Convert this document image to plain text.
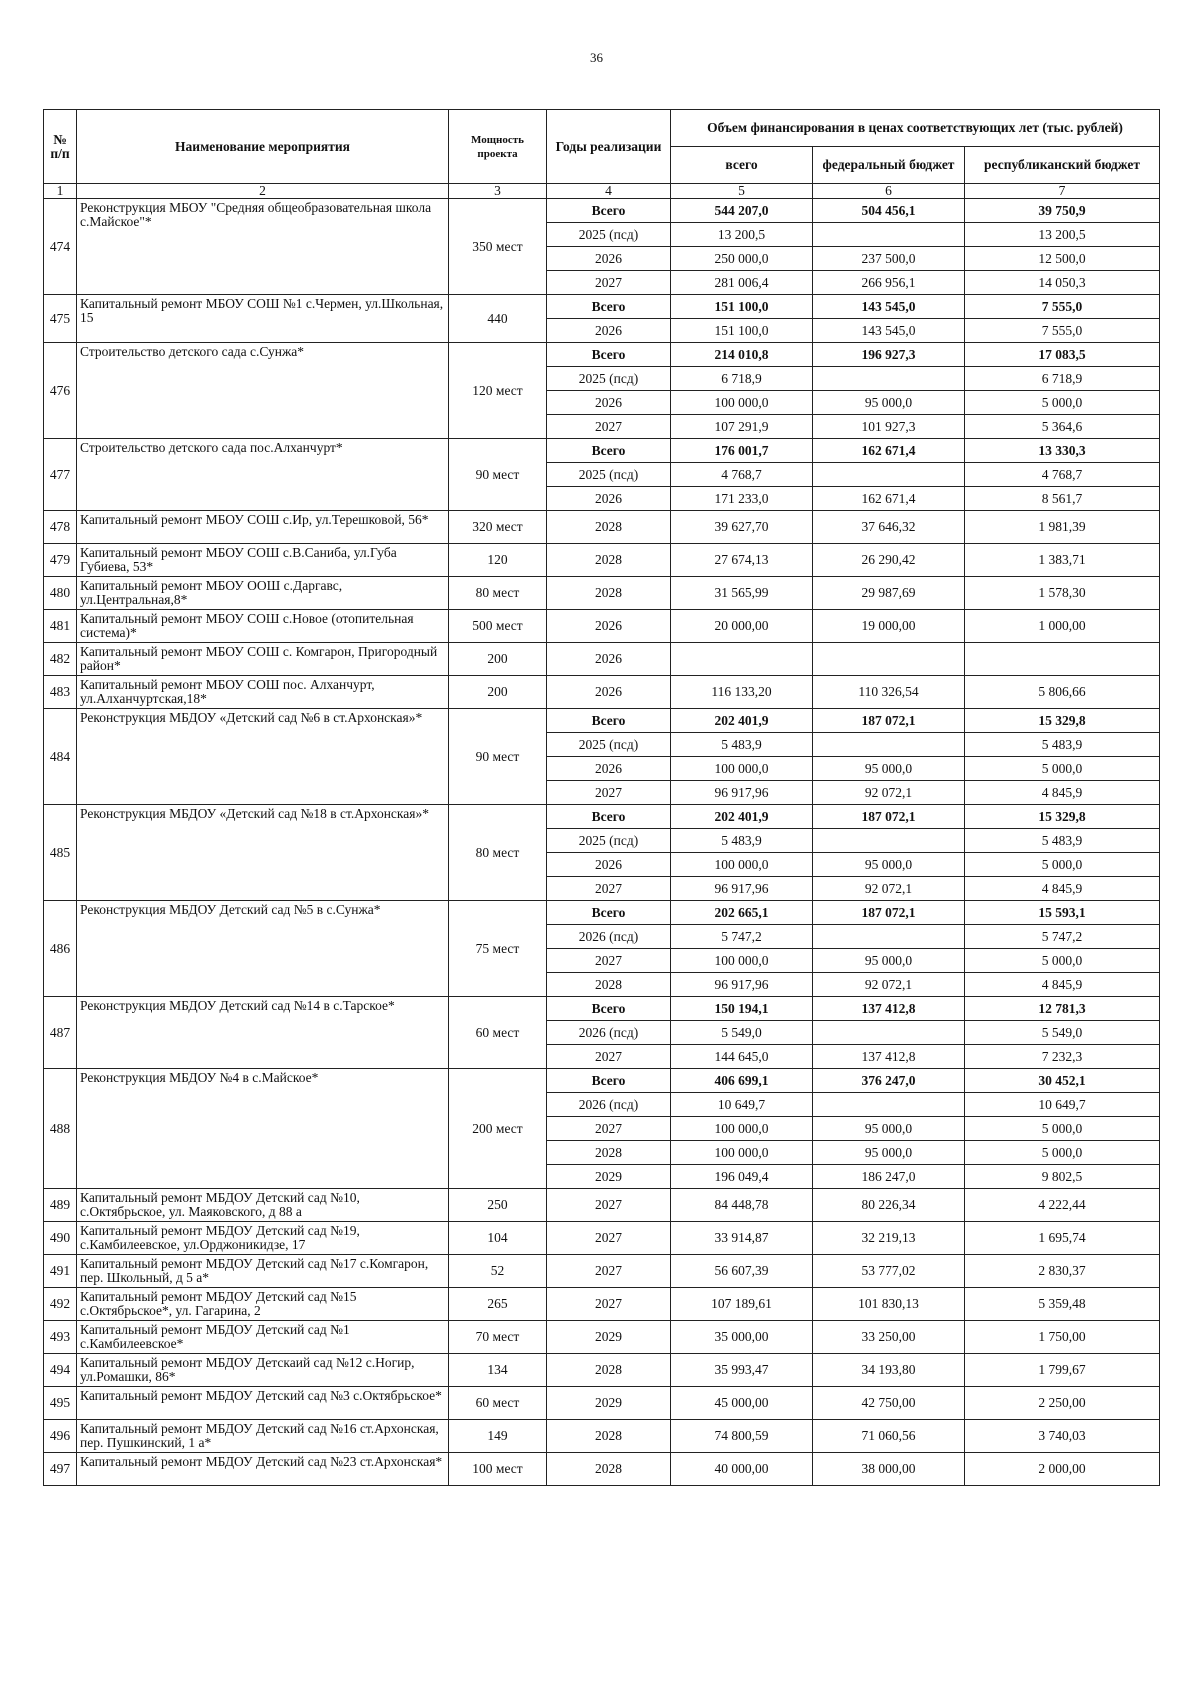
36
№ п/п	Наименование мероприятия	Мощность проекта	Годы реализации	Объем финансирования в ценах соответствующих лет (тыс. рублей)		
				всего	федеральный бюджет	республиканский бюджет
1	2	3	4	5	6	7
474	Реконструкция МБОУ "Средняя общеобразовательная школа с.Майское"*	350 мест	Всего	544 207,0	504 456,1	39 750,9
			2025 (псд)	13 200,5		13 200,5
			2026	250 000,0	237 500,0	12 500,0
			2027	281 006,4	266 956,1	14 050,3
475	Капитальный ремонт МБОУ СОШ №1 с.Чермен, ул.Школьная, 15	440	Всего	151 100,0	143 545,0	7 555,0
			2026	151 100,0	143 545,0	7 555,0
476	Строительство детского сада с.Сунжа*	120 мест	Всего	214 010,8	196 927,3	17 083,5
			2025 (псд)	6 718,9		6 718,9
			2026	100 000,0	95 000,0	5 000,0
			2027	107 291,9	101 927,3	5 364,6
477	Строительство детского сада пос.Алханчурт*	90 мест	Всего	176 001,7	162 671,4	13 330,3
			2025 (псд)	4 768,7		4 768,7
			2026	171 233,0	162 671,4	8 561,7
478	Капитальный ремонт МБОУ СОШ с.Ир, ул.Терешковой, 56*	320 мест	2028	39 627,70	37 646,32	1 981,39
479	Капитальный ремонт МБОУ СОШ с.В.Саниба, ул.Губа Губиева, 53*	120	2028	27 674,13	26 290,42	1 383,71
480	Капитальный ремонт МБОУ ООШ с.Даргавс, ул.Центральная,8*	80 мест	2028	31 565,99	29 987,69	1 578,30
481	Капитальный ремонт МБОУ СОШ с.Новое (отопительная система)*	500 мест	2026	20 000,00	19 000,00	1 000,00
482	Капитальный ремонт МБОУ СОШ с. Комгарон, Пригородный район*	200	2026			
483	Капитальный ремонт МБОУ СОШ пос. Алханчурт, ул.Алханчуртская,18*	200	2026	116 133,20	110 326,54	5 806,66
484	Реконструкция МБДОУ «Детский сад №6 в ст.Архонская»*	90 мест	Всего	202 401,9	187 072,1	15 329,8
			2025 (псд)	5 483,9		5 483,9
			2026	100 000,0	95 000,0	5 000,0
			2027	96 917,96	92 072,1	4 845,9
485	Реконструкция МБДОУ «Детский сад №18 в ст.Архонская»*	80 мест	Всего	202 401,9	187 072,1	15 329,8
			2025 (псд)	5 483,9		5 483,9
			2026	100 000,0	95 000,0	5 000,0
			2027	96 917,96	92 072,1	4 845,9
486	Реконструкция МБДОУ Детский сад №5 в с.Сунжа*	75 мест	Всего	202 665,1	187 072,1	15 593,1
			2026 (псд)	5 747,2		5 747,2
			2027	100 000,0	95 000,0	5 000,0
			2028	96 917,96	92 072,1	4 845,9
487	Реконструкция МБДОУ Детский сад №14 в с.Тарское*	60 мест	Всего	150 194,1	137 412,8	12 781,3
			2026 (псд)	5 549,0		5 549,0
			2027	144 645,0	137 412,8	7 232,3
488	Реконструкция МБДОУ №4 в с.Майское*	200 мест	Всего	406 699,1	376 247,0	30 452,1
			2026 (псд)	10 649,7		10 649,7
			2027	100 000,0	95 000,0	5 000,0
			2028	100 000,0	95 000,0	5 000,0
			2029	196 049,4	186 247,0	9 802,5
489	Капитальный ремонт МБДОУ Детский сад №10, с.Октябрьское, ул. Маяковского, д 88 а	250	2027	84 448,78	80 226,34	4 222,44
490	Капитальный ремонт МБДОУ Детский сад №19, с.Камбилеевское, ул.Орджоникидзе, 17	104	2027	33 914,87	32 219,13	1 695,74
491	Капитальный ремонт МБДОУ Детский сад №17 с.Комгарон, пер. Школьный, д 5 а*	52	2027	56 607,39	53 777,02	2 830,37
492	Капитальный ремонт МБДОУ Детский сад №15 с.Октябрьское*, ул. Гагарина, 2	265	2027	107 189,61	101 830,13	5 359,48
493	Капитальный ремонт МБДОУ Детский сад №1 с.Камбилеевское*	70 мест	2029	35 000,00	33 250,00	1 750,00
494	Капитальный ремонт МБДОУ Детскаий сад №12 с.Ногир, ул.Ромашки, 86*	134	2028	35 993,47	34 193,80	1 799,67
495	Капитальный ремонт МБДОУ Детский сад №3 с.Октябрьское*	60 мест	2029	45 000,00	42 750,00	2 250,00
496	Капитальный ремонт МБДОУ Детский сад №16 ст.Архонская, пер. Пушкинский, 1 а*	149	2028	74 800,59	71 060,56	3 740,03
497	Капитальный ремонт МБДОУ Детский сад №23 ст.Архонская*	100 мест	2028	40 000,00	38 000,00	2 000,00
